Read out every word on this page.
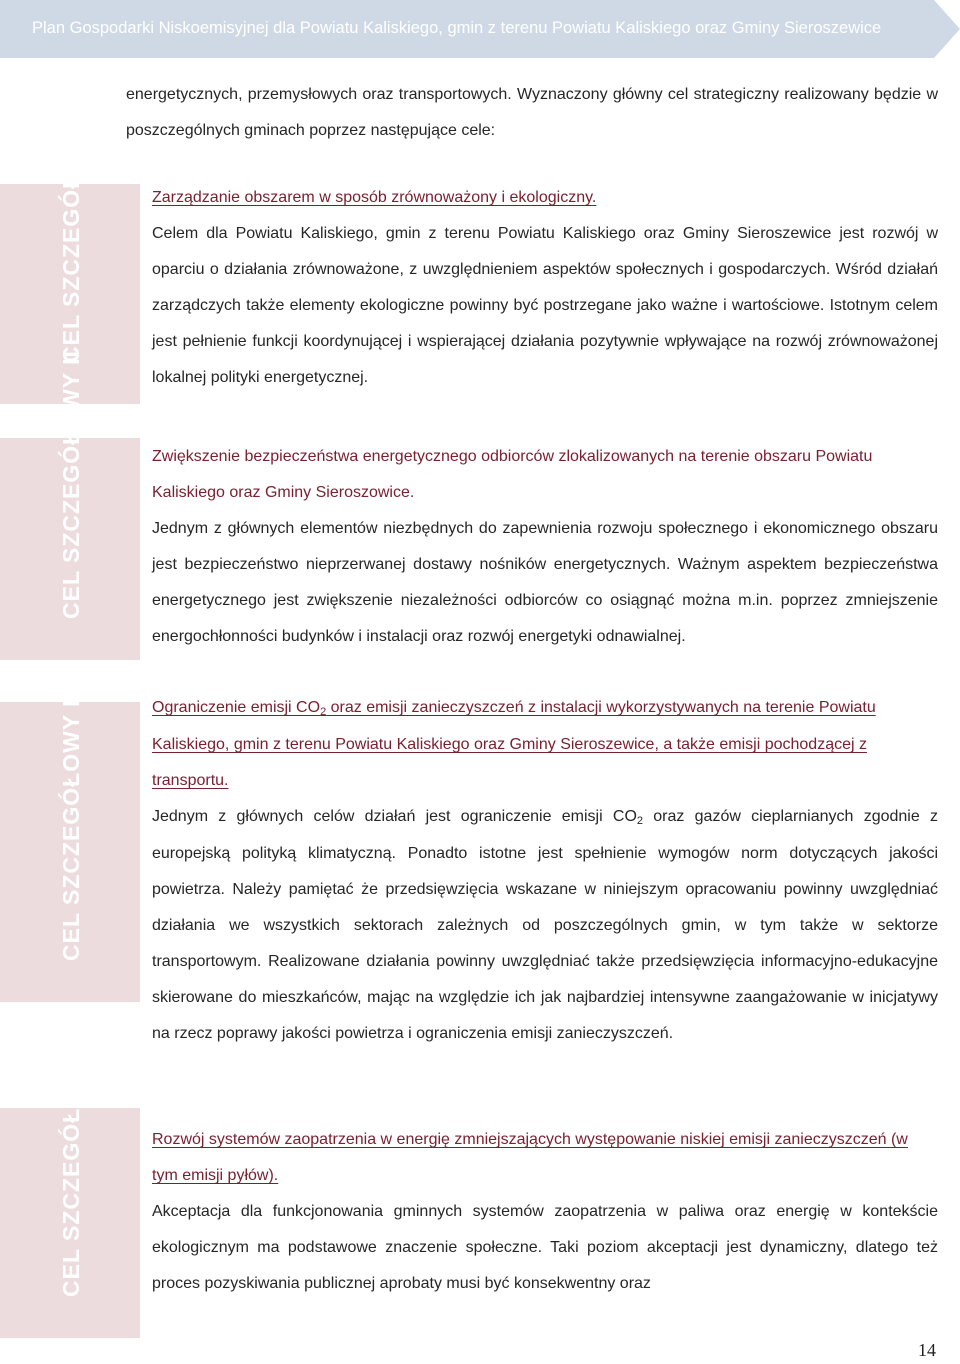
Plan Gospodarki Niskoemisyjnej dla Powiatu Kaliskiego, gmin z terenu Powiatu Kaliskiego oraz Gminy Sieroszewice
energetycznych, przemysłowych oraz transportowych. Wyznaczony główny cel strategiczny realizowany będzie w poszczególnych gminach poprzez następujące cele:
CEL SZCZEGÓŁOWY I	Zarządzanie obszarem w sposób zrównoważony i ekologiczny.
Celem dla Powiatu Kaliskiego, gmin z terenu Powiatu Kaliskiego oraz Gminy Sieroszewice jest rozwój w oparciu o działania zrównoważone, z uwzględnieniem aspektów społecznych i gospodarczych. Wśród działań zarządczych także elementy ekologiczne powinny być postrzegane jako ważne i wartościowe. Istotnym celem jest pełnienie funkcji koordynującej i wspierającej działania pozytywnie wpływające na rozwój zrównoważonej lokalnej polityki energetycznej.
CEL SZCZEGÓŁOWY II	Zwiększenie bezpieczeństwa energetycznego odbiorców zlokalizowanych na terenie obszaru Powiatu Kaliskiego oraz Gminy Sieroszowice.
Jednym z głównych elementów niezbędnych do zapewnienia rozwoju społecznego i ekonomicznego obszaru jest bezpieczeństwo nieprzerwanej dostawy nośników energetycznych. Ważnym aspektem bezpieczeństwa energetycznego jest zwiększenie niezależności odbiorców co osiągnąć można m.in. poprzez zmniejszenie energochłonności budynków i instalacji oraz rozwój energetyki odnawialnej.
CEL SZCZEGÓŁOWY III	Ograniczenie emisji $CO_2$ oraz emisji zanieczyszczeń z instalacji wykorzystywanych na terenie Powiatu Kaliskiego, gmin z terenu Powiatu Kaliskiego oraz Gminy Sieroszewice, a także emisji pochodzącej z transportu.
Jednym z głównych celów działań jest ograniczenie emisji $CO_2$ oraz gazów cieplarnianych zgodnie z europejską polityką klimatyczną. Ponadto istotne jest spełnienie wymogów norm dotyczących jakości powietrza. Należy pamiętać że przedsięwzięcia wskazane w niniejszym opracowaniu powinny uwzględniać działania we wszystkich sektorach zależnych od poszczególnych gmin, w tym także w sektorze transportowym. Realizowane działania powinny uwzględniać także przedsięwzięcia informacyjno-edukacyjne skierowane do mieszkańców, mając na względzie ich jak najbardziej intensywne zaangażowanie w inicjatywy na rzecz poprawy jakości powietrza i ograniczenia emisji zanieczyszczeń.
CEL SZCZEGÓŁOWY IV	Rozwój systemów zaopatrzenia w energię zmniejszających występowanie niskiej emisji zanieczyszczeń (w tym emisji pyłów).
Akceptacja dla funkcjonowania gminnych systemów zaopatrzenia w paliwa oraz energię w kontekście ekologicznym ma podstawowe znaczenie społeczne. Taki poziom akceptacji jest dynamiczny, dlatego też proces pozyskiwania publicznej aprobaty musi być konsekwentny oraz
14
